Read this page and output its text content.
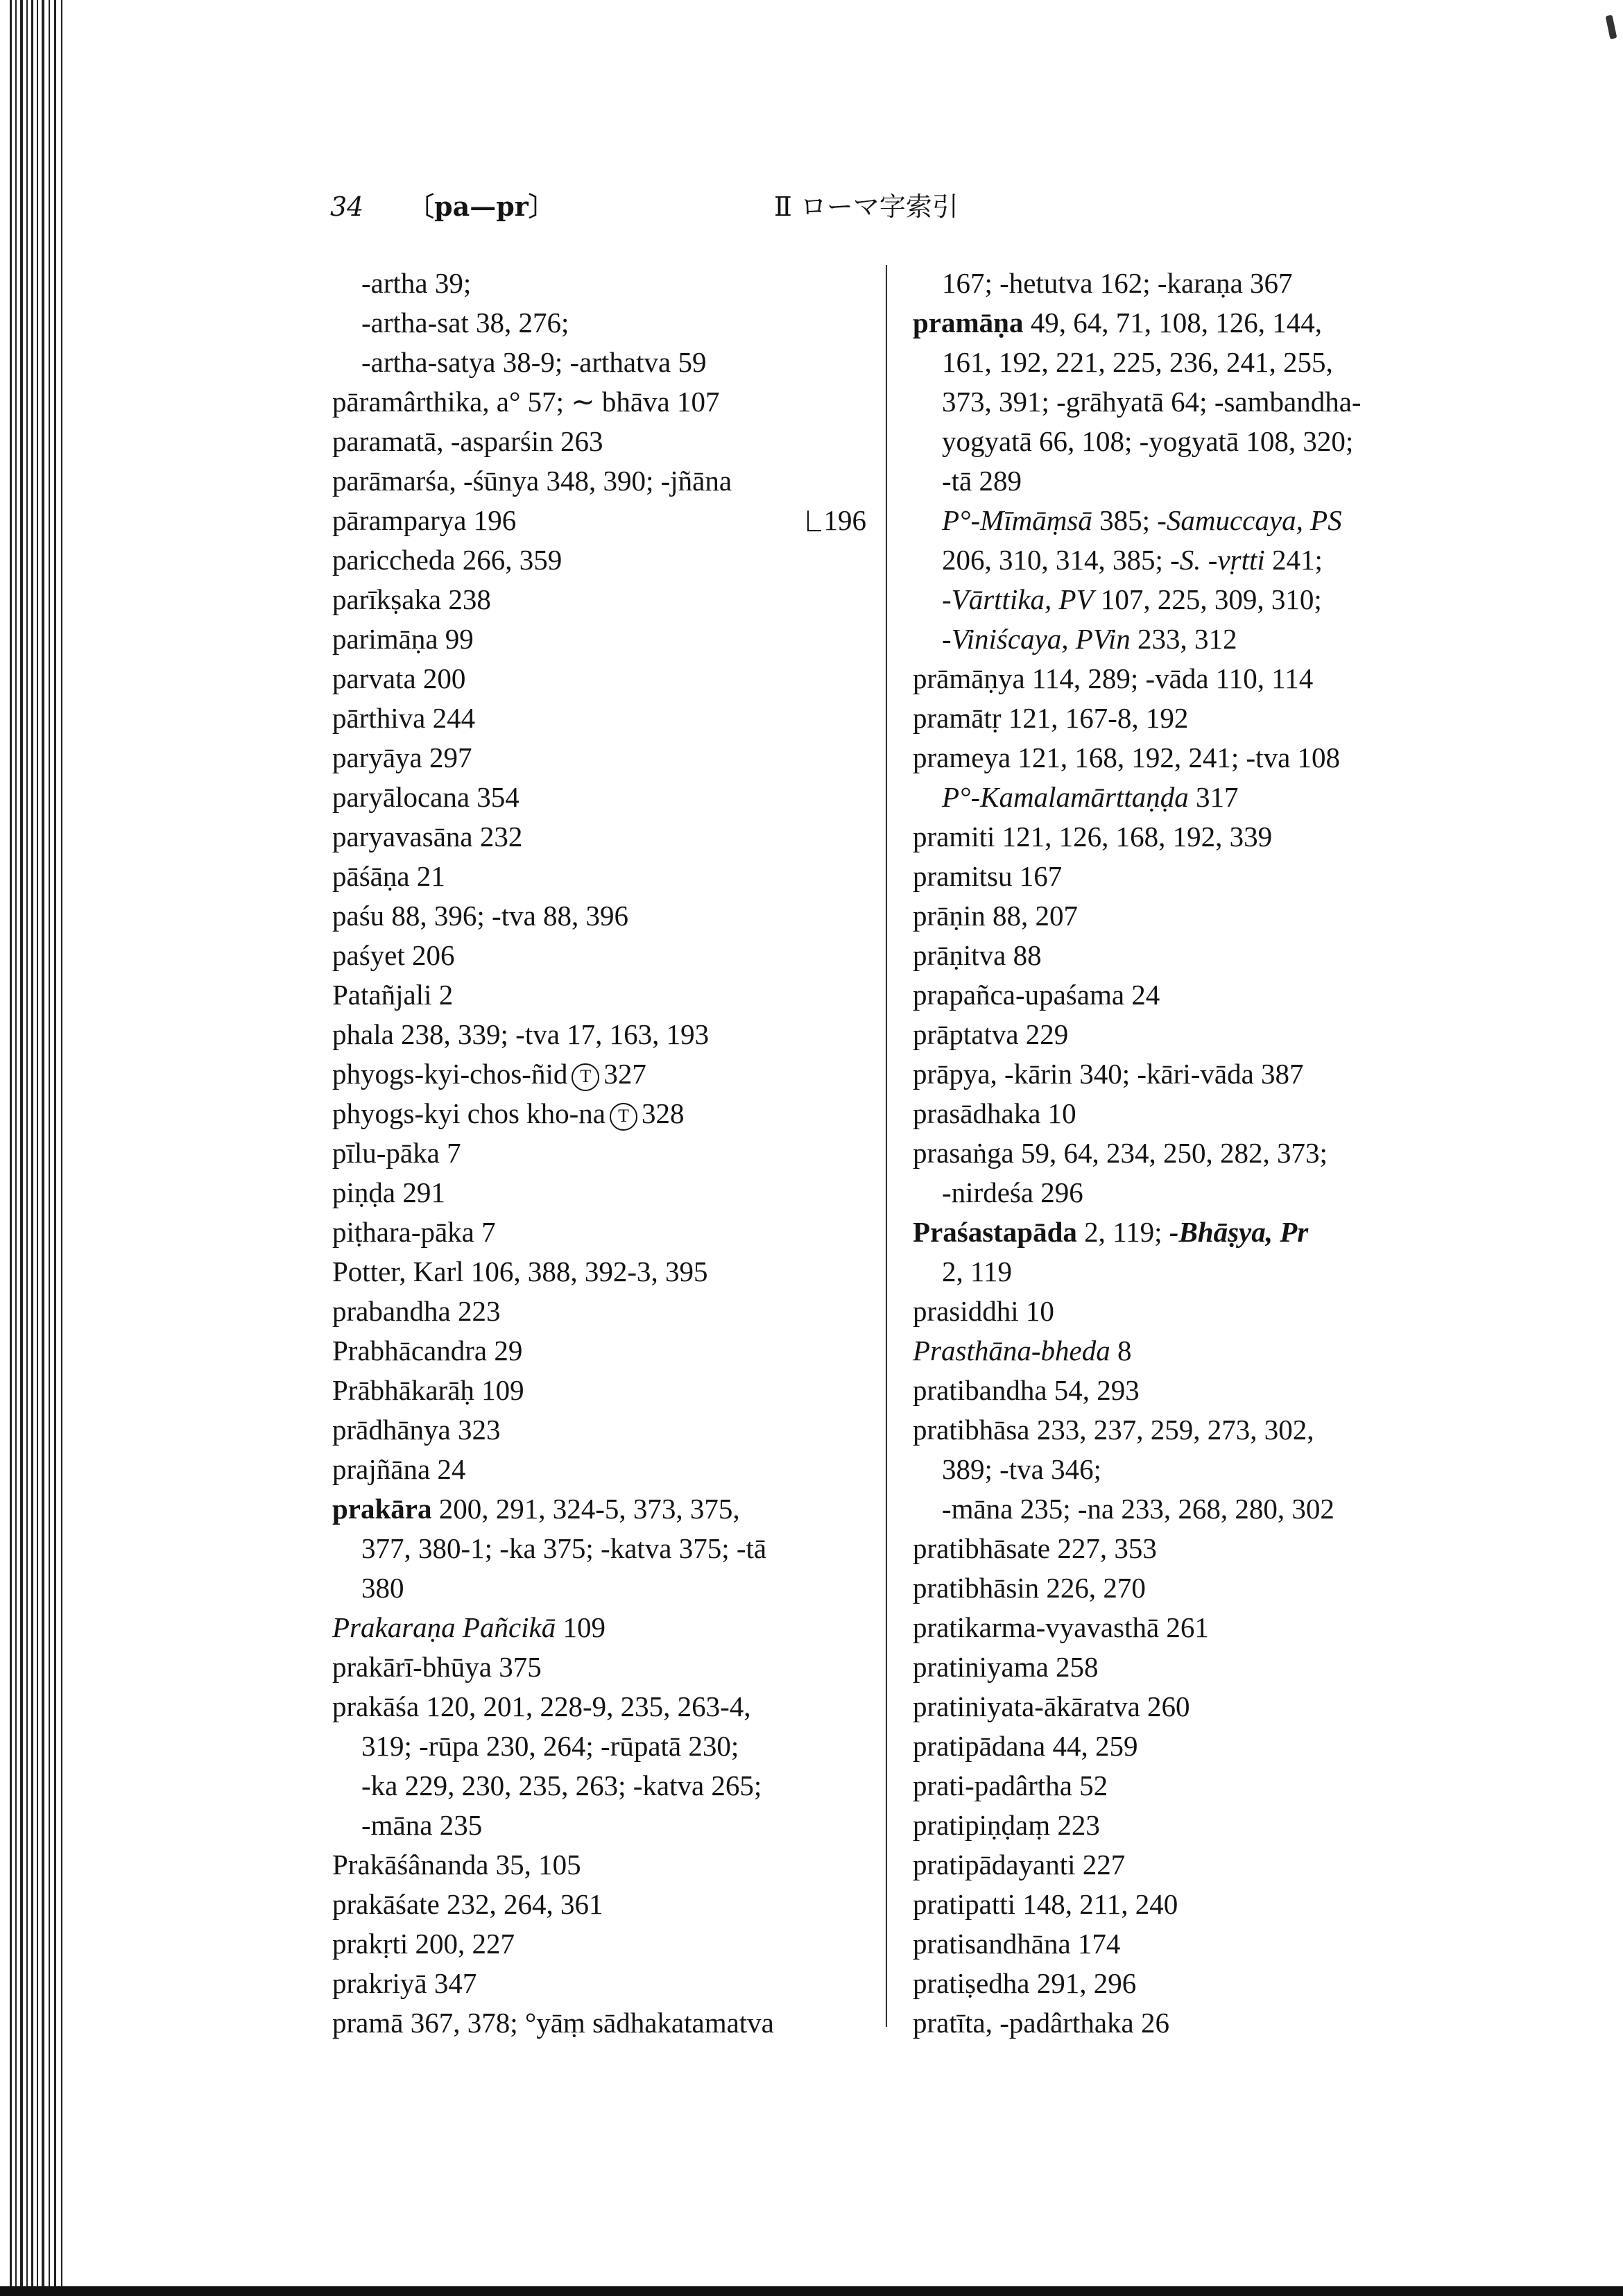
34 〔pa—pr〕	Ⅱ ローマ字索引
-artha 39;
-artha-sat 38, 276;
-artha-satya 38-9; -arthatva 59
pāramârthika, a° 57; ∼ bhāva 107
paramatā, -asparśin 263
parāmarśa, -śūnya 348, 390; -jñāna
pāramparya 196	196
pariccheda 266, 359
parīkṣaka 238
parimāṇa 99
parvata 200
pārthiva 244
paryāya 297
paryālocana 354
paryavasāna 232
pāśāṇa 21
paśu 88, 396; -tva 88, 396
paśyet 206
Patañjali 2
phala 238, 339; -tva 17, 163, 193
phyogs-kyi-chos-ñid T 327
phyogs-kyi chos kho-na T 328
pīlu-pāka 7
piṇḍa 291
piṭhara-pāka 7
Potter, Karl 106, 388, 392-3, 395
prabandha 223
Prabhācandra 29
Prābhākarāḥ 109
prādhānya 323
prajñāna 24
prakāra 200, 291, 324-5, 373, 375,
377, 380-1; -ka 375; -katva 375; -tā
380
Prakaraṇa Pañcikā 109
prakārī-bhūya 375
prakāśa 120, 201, 228-9, 235, 263-4,
319; -rūpa 230, 264; -rūpatā 230;
-ka 229, 230, 235, 263; -katva 265;
-māna 235
Prakāśânanda 35, 105
prakāśate 232, 264, 361
prakṛti 200, 227
prakriyā 347
pramā 367, 378; °yāṃ sādhakatamatva
167; -hetutva 162; -karaṇa 367
pramāṇa 49, 64, 71, 108, 126, 144,
161, 192, 221, 225, 236, 241, 255,
373, 391; -grāhyatā 64; -sambandha-
yogyatā 66, 108; -yogyatā 108, 320;
-tā 289
P°-Mīmāṃsā 385; -Samuccaya, PS
206, 310, 314, 385; -S. -vṛtti 241;
-Vārttika, PV 107, 225, 309, 310;
-Viniścaya, PVin 233, 312
prāmāṇya 114, 289; -vāda 110, 114
pramātṛ 121, 167-8, 192
prameya 121, 168, 192, 241; -tva 108
P°-Kamalamārttaṇḍa 317
pramiti 121, 126, 168, 192, 339
pramitsu 167
prāṇin 88, 207
prāṇitva 88
prapañca-upaśama 24
prāptatva 229
prāpya, -kārin 340; -kāri-vāda 387
prasādhaka 10
prasaṅga 59, 64, 234, 250, 282, 373;
-nirdeśa 296
Praśastapāda 2, 119; -Bhāṣya, Pr
2, 119
prasiddhi 10
Prasthāna-bheda 8
pratibandha 54, 293
pratibhāsa 233, 237, 259, 273, 302,
389; -tva 346;
-māna 235; -na 233, 268, 280, 302
pratibhāsate 227, 353
pratibhāsin 226, 270
pratikarma-vyavasthā 261
pratiniyama 258
pratiniyata-ākāratva 260
pratipādana 44, 259
prati-padârtha 52
pratipiṇḍaṃ 223
pratipādayanti 227
pratipatti 148, 211, 240
pratisandhāna 174
pratiṣedha 291, 296
pratīta, -padârthaka 26
